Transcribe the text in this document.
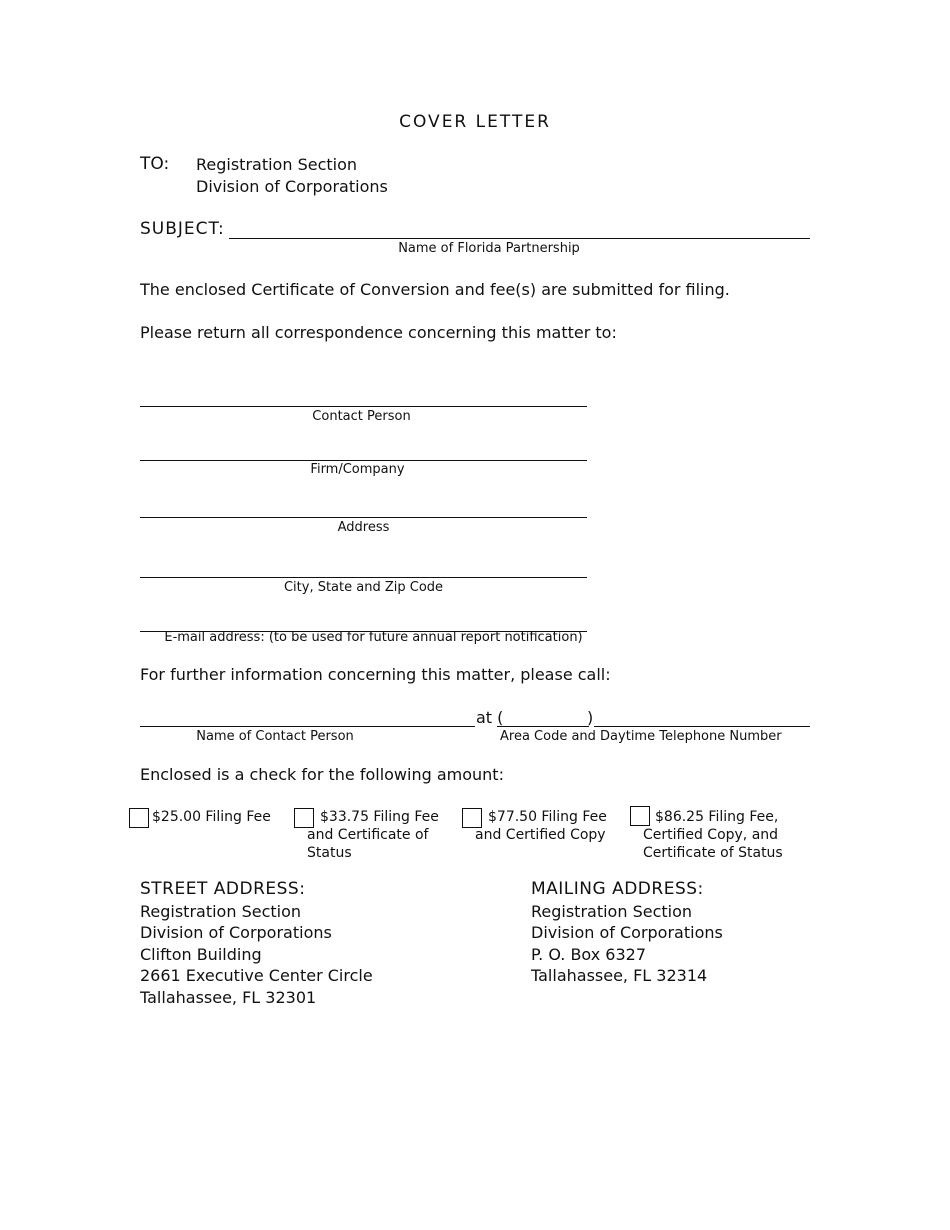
COVER LETTER
TO: Registration Section
Division of Corporations
SUBJECT:
Name of Florida Partnership
The enclosed Certificate of Conversion and fee(s) are submitted for filing.
Please return all correspondence concerning this matter to:
Contact Person
Firm/Company
Address
City, State and Zip Code
E-mail address: (to be used for future annual report notification)
For further information concerning this matter, please call:
at (	)
Name of Contact Person	Area Code and Daytime Telephone Number
Enclosed is a check for the following amount:
$25.00 Filing Fee	$33.75 Filing Fee
and Certificate of
Status
$77.50 Filing Fee
and Certified Copy
$86.25 Filing Fee,
Certified Copy, and
Certificate of Status
STREET ADDRESS:
Registration Section
Division of Corporations
Clifton Building
2661 Executive Center Circle
Tallahassee, FL 32301
MAILING ADDRESS:
Registration Section
Division of Corporations
P. O. Box 6327
Tallahassee, FL 32314
